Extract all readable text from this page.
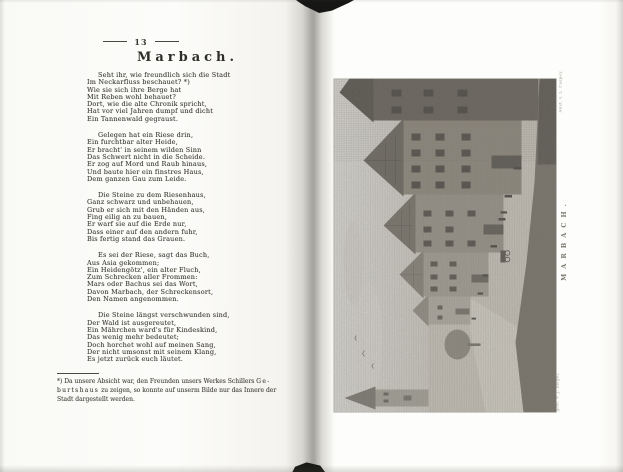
13
Marbach.
Seht ihr, wie freundlich sich die Stadt
Im Neckarfluss beschauet? *)
Wie sie sich ihre Berge hat
Mit Reben wohl behauet?
Dort, wie die alte Chronik spricht,
Hat vor viel Jahren dumpf und dicht
Ein Tannenwald gegraust.
Gelegen hat ein Riese drin,
Ein furchtbar alter Heide,
Er bracht' in seinem wilden Sinn
Das Schwert nicht in die Scheide.
Er zog auf Mord und Raub hinaus,
Und baute hier ein finstres Haus,
Dem ganzen Gau zum Leide.
Die Steine zu dem Riesenhaus,
Ganz schwarz und unbehauen,
Grub er sich mit den Händen aus,
Fing eilig an zu bauen,
Er warf sie auf die Erde nur,
Dass einer auf den andern fuhr,
Bis fertig stand das Grauen.
Es sei der Riese, sagt das Buch,
Aus Asia gekommen;
Ein Heidengötz', ein alter Fluch,
Zum Schrecken aller Frommen:
Mars oder Bachus sei das Wort,
Davon Marbach, der Schreckensort,
Den Namen angenommen.
Die Steine längst verschwunden sind,
Der Wald ist ausgereutet,
Ein Mährchen ward's für Kindeskind,
Das wenig mehr bedeutet;
Doch horchet wohl auf meinen Sang,
Der nicht umsonst mit seinem Klang,
Es jetzt zurück euch läutet.
*) Da unsere Absicht war, den Freunden unsers Werkes Schillers Ge-
burtshaus zu zeigen, so konnte auf unserm Bilde nur das Innere der
Stadt dargestellt werden.
MARBACH.
Anst. v. L. Caspey.
gest. v. J. Riegel.
